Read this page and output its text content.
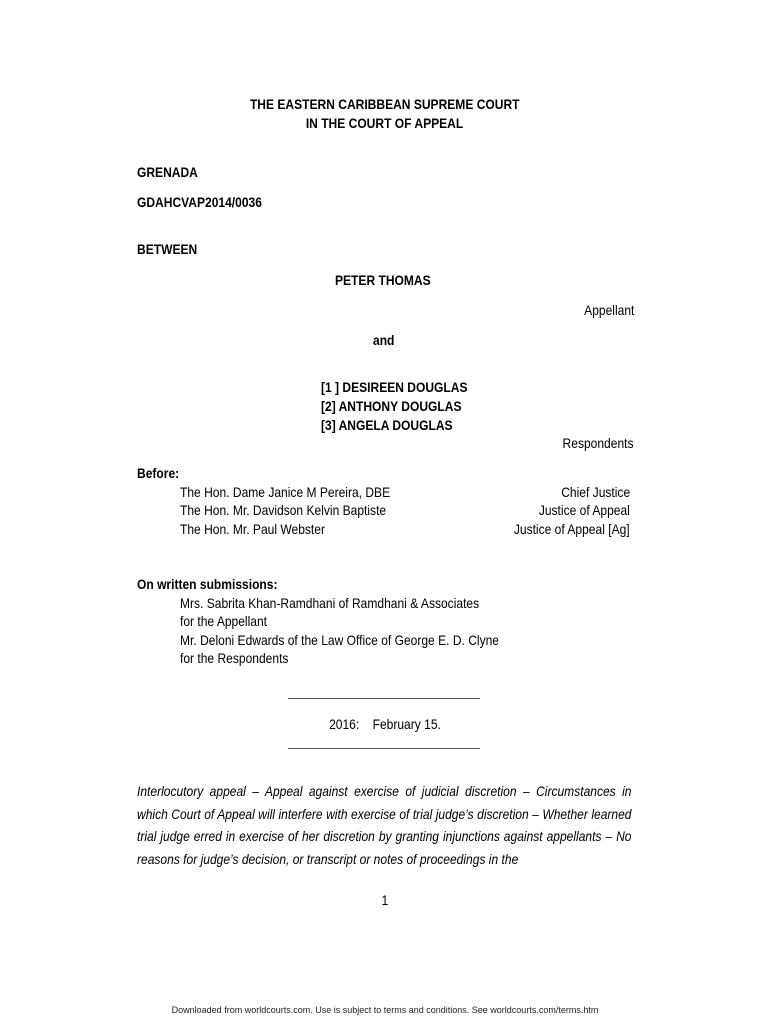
THE EASTERN CARIBBEAN SUPREME COURT
IN THE COURT OF APPEAL
GRENADA
GDAHCVAP2014/0036
BETWEEN
PETER THOMAS
Appellant
and
[1 ] DESIREEN DOUGLAS
[2] ANTHONY DOUGLAS
[3] ANGELA DOUGLAS
Respondents
Before:
The Hon. Dame Janice M Pereira, DBE	Chief Justice
The Hon. Mr. Davidson Kelvin Baptiste	Justice of Appeal
The Hon. Mr. Paul Webster	Justice of Appeal [Ag]
On written submissions:
Mrs. Sabrita Khan-Ramdhani of Ramdhani & Associates
for the Appellant
Mr. Deloni Edwards of the Law Office of George E. D. Clyne
for the Respondents
2016:    February 15.
Interlocutory appeal – Appeal against exercise of judicial discretion – Circumstances in which Court of Appeal will interfere with exercise of trial judge’s discretion – Whether learned trial judge erred in exercise of her discretion by granting injunctions against appellants – No reasons for judge’s decision, or transcript or notes of proceedings in the
1
Downloaded from worldcourts.com. Use is subject to terms and conditions. See worldcourts.com/terms.htm
